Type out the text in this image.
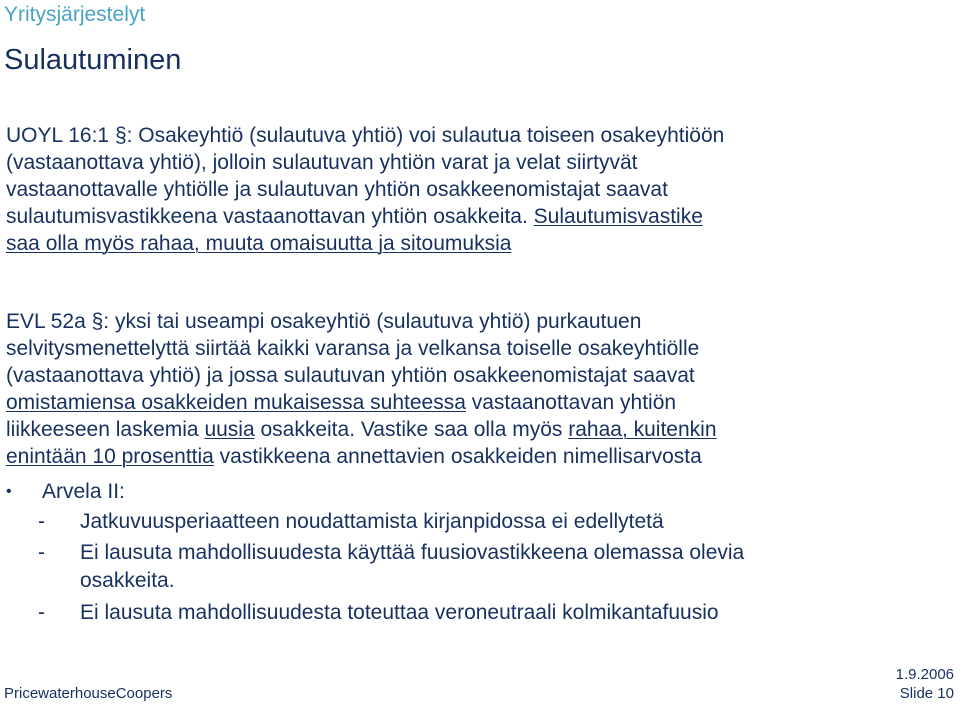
Yritysjärjestelyt
Sulautuminen
UOYL 16:1 §: Osakeyhtiö (sulautuva yhtiö) voi sulautua toiseen osakeyhtiöön
(vastaanottava yhtiö), jolloin sulautuvan yhtiön varat ja velat siirtyvät
vastaanottavalle yhtiölle ja sulautuvan yhtiön osakkeenomistajat saavat
sulautumisvastikkeena vastaanottavan yhtiön osakkeita. Sulautumisvastike
saa olla myös rahaa, muuta omaisuutta ja sitoumuksia
EVL 52a §: yksi tai useampi osakeyhtiö (sulautuva yhtiö) purkautuen
selvitysmenettelyttä siirtää kaikki varansa ja velkansa toiselle osakeyhtiölle
(vastaanottava yhtiö) ja jossa sulautuvan yhtiön osakkeenomistajat saavat
omistamiensa osakkeiden mukaisessa suhteessa vastaanottavan yhtiön
liikkeeseen laskemia uusia osakkeita. Vastike saa olla myös rahaa, kuitenkin
enintään 10 prosenttia vastikkeena annettavien osakkeiden nimellisarvosta
•	Arvela II:
- Jatkuvuusperiaatteen noudattamista kirjanpidossa ei edellytetä
- Ei lausuta mahdollisuudesta käyttää fuusiovastikkeena olemassa olevia
osakkeita.
- Ei lausuta mahdollisuudesta toteuttaa veroneutraali kolmikantafuusio
PricewaterhouseCoopers
1.9.2006
Slide 10
